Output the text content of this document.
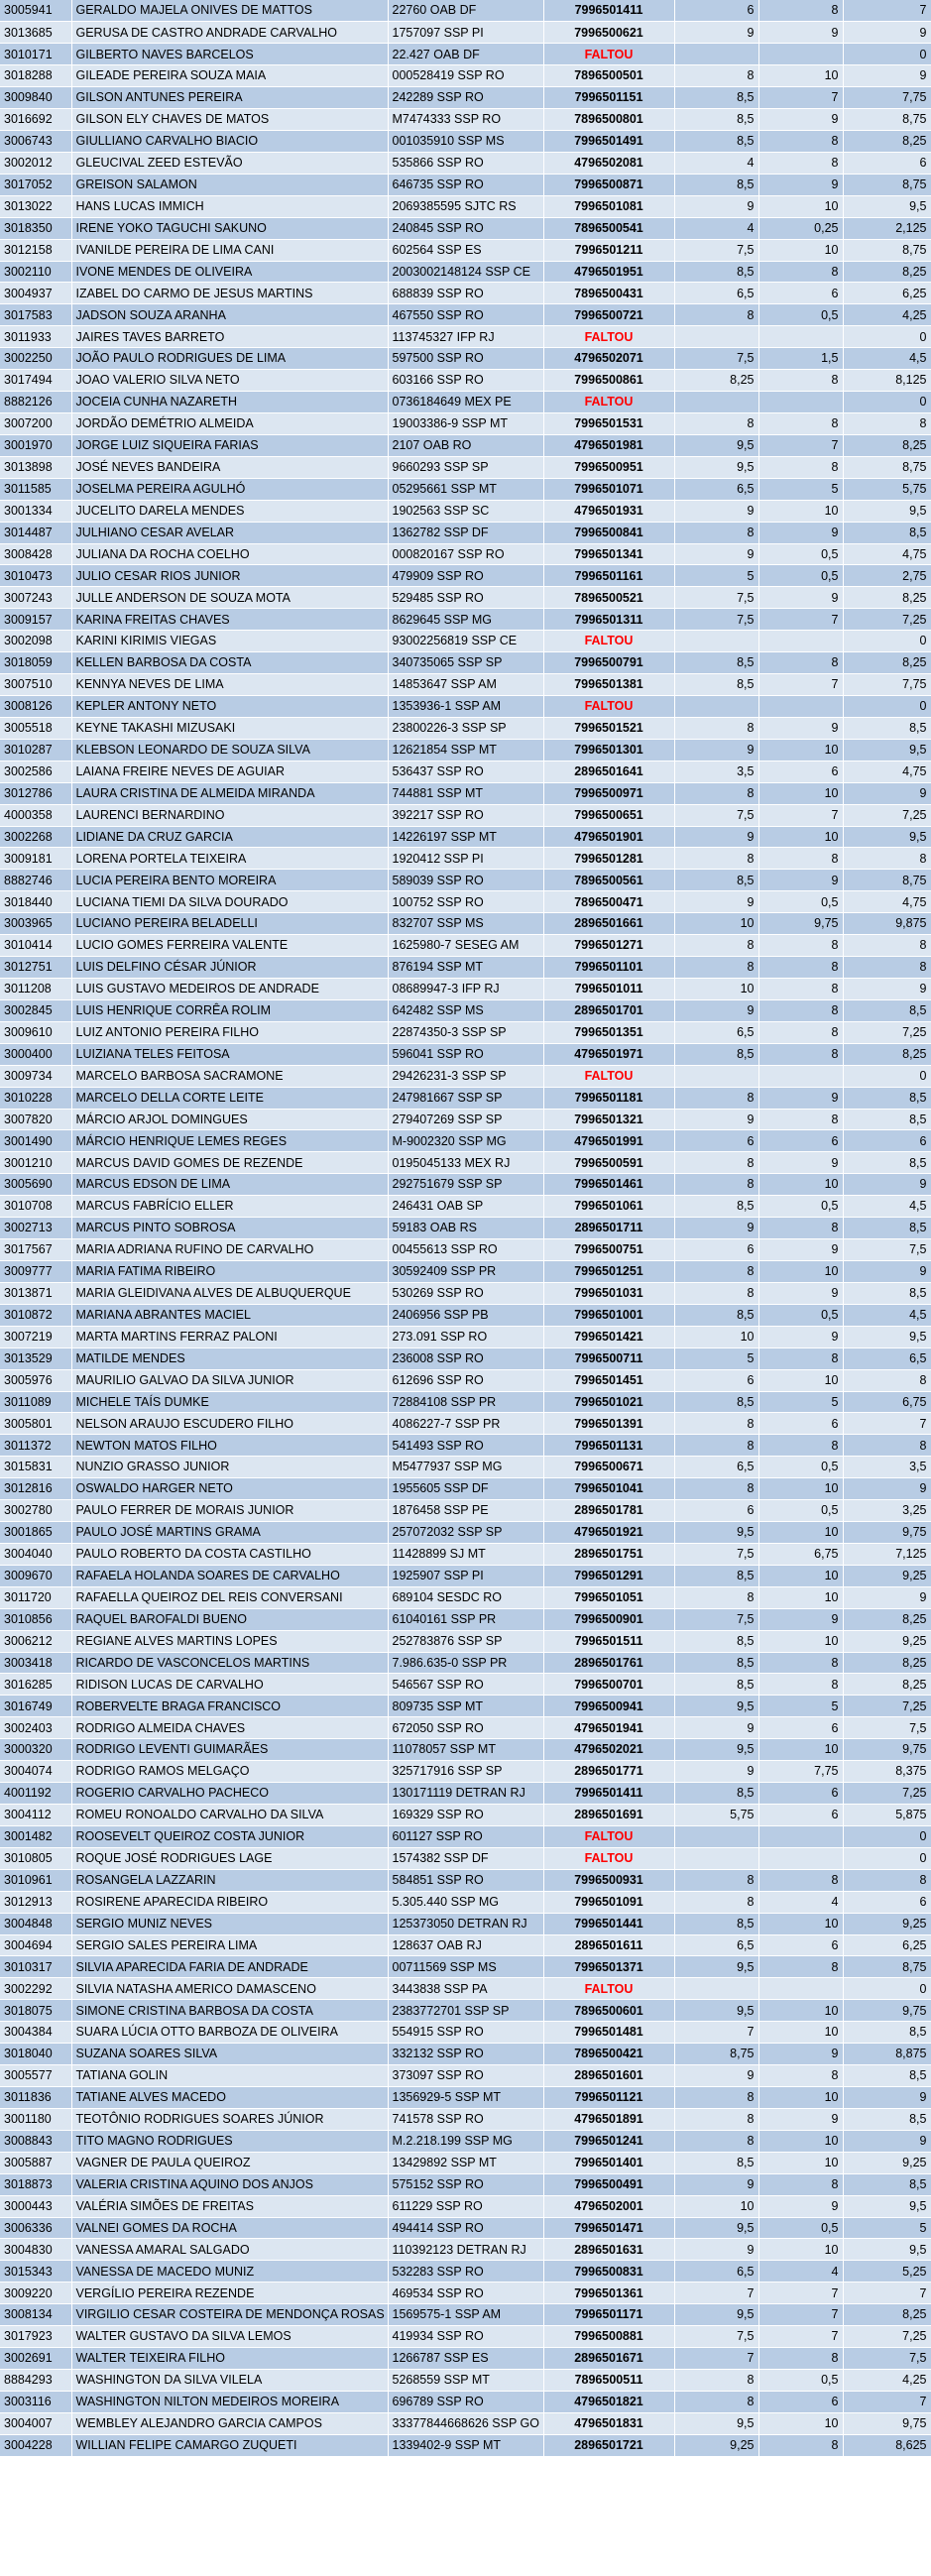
3005941	GERALDO MAJELA ONIVES DE MATTOS	22760 OAB DF	7996501411	6	8	7
3013685	GERUSA DE CASTRO ANDRADE CARVALHO	1757097 SSP PI	7996500621	9	9	9
3010171	GILBERTO NAVES BARCELOS	22.427 OAB DF	FALTOU			0
3018288	GILEADE PEREIRA SOUZA MAIA	000528419 SSP RO	7896500501	8	10	9
3009840	GILSON ANTUNES PEREIRA	242289 SSP RO	7996501151	8,5	7	7,75
3016692	GILSON ELY CHAVES DE MATOS	M7474333 SSP RO	7896500801	8,5	9	8,75
3006743	GIULLIANO CARVALHO BIACIO	001035910 SSP MS	7996501491	8,5	8	8,25
3002012	GLEUCIVAL ZEED ESTEVÃO	535866 SSP RO	4796502081	4	8	6
3017052	GREISON SALAMON	646735 SSP RO	7996500871	8,5	9	8,75
3013022	HANS LUCAS IMMICH	2069385595 SJTC RS	7996501081	9	10	9,5
3018350	IRENE YOKO TAGUCHI SAKUNO	240845 SSP RO	7896500541	4	0,25	2,125
3012158	IVANILDE PEREIRA DE LIMA CANI	602564 SSP ES	7996501211	7,5	10	8,75
3002110	IVONE MENDES DE OLIVEIRA	2003002148124 SSP CE	4796501951	8,5	8	8,25
3004937	IZABEL DO CARMO DE JESUS MARTINS	688839 SSP RO	7896500431	6,5	6	6,25
3017583	JADSON SOUZA ARANHA	467550 SSP RO	7996500721	8	0,5	4,25
3011933	JAIRES TAVES BARRETO	113745327 IFP RJ	FALTOU			0
3002250	JOÃO PAULO RODRIGUES DE LIMA	597500 SSP RO	4796502071	7,5	1,5	4,5
3017494	JOAO VALERIO SILVA NETO	603166 SSP RO	7996500861	8,25	8	8,125
8882126	JOCEIA CUNHA NAZARETH	0736184649 MEX PE	FALTOU			0
3007200	JORDÃO DEMÉTRIO ALMEIDA	19003386-9 SSP MT	7996501531	8	8	8
3001970	JORGE LUIZ SIQUEIRA FARIAS	2107 OAB RO	4796501981	9,5	7	8,25
3013898	JOSÉ NEVES BANDEIRA	9660293 SSP SP	7996500951	9,5	8	8,75
3011585	JOSELMA PEREIRA AGULHÓ	05295661 SSP MT	7996501071	6,5	5	5,75
3001334	JUCELITO DARELA MENDES	1902563 SSP SC	4796501931	9	10	9,5
3014487	JULHIANO CESAR AVELAR	1362782 SSP DF	7996500841	8	9	8,5
3008428	JULIANA DA ROCHA COELHO	000820167 SSP RO	7996501341	9	0,5	4,75
3010473	JULIO CESAR RIOS JUNIOR	479909 SSP RO	7996501161	5	0,5	2,75
3007243	JULLE ANDERSON DE SOUZA MOTA	529485 SSP RO	7896500521	7,5	9	8,25
3009157	KARINA FREITAS CHAVES	8629645 SSP MG	7996501311	7,5	7	7,25
3002098	KARINI KIRIMIS VIEGAS	93002256819 SSP CE	FALTOU			0
3018059	KELLEN BARBOSA DA COSTA	340735065 SSP SP	7996500791	8,5	8	8,25
3007510	KENNYA NEVES DE LIMA	14853647 SSP AM	7996501381	8,5	7	7,75
3008126	KEPLER ANTONY NETO	1353936-1 SSP AM	FALTOU			0
3005518	KEYNE TAKASHI MIZUSAKI	23800226-3 SSP SP	7996501521	8	9	8,5
3010287	KLEBSON LEONARDO DE SOUZA SILVA	12621854 SSP MT	7996501301	9	10	9,5
3002586	LAIANA FREIRE NEVES DE AGUIAR	536437 SSP RO	2896501641	3,5	6	4,75
3012786	LAURA CRISTINA DE ALMEIDA MIRANDA	744881 SSP MT	7996500971	8	10	9
4000358	LAURENCI BERNARDINO	392217 SSP RO	7996500651	7,5	7	7,25
3002268	LIDIANE DA CRUZ GARCIA	14226197 SSP MT	4796501901	9	10	9,5
3009181	LORENA PORTELA TEIXEIRA	1920412 SSP PI	7996501281	8	8	8
8882746	LUCIA PEREIRA BENTO MOREIRA	589039 SSP RO	7896500561	8,5	9	8,75
3018440	LUCIANA TIEMI DA SILVA DOURADO	100752 SSP RO	7896500471	9	0,5	4,75
3003965	LUCIANO PEREIRA BELADELLI	832707 SSP MS	2896501661	10	9,75	9,875
3010414	LUCIO GOMES FERREIRA VALENTE	1625980-7 SESEG AM	7996501271	8	8	8
3012751	LUIS DELFINO CÉSAR JÚNIOR	876194 SSP MT	7996501101	8	8	8
3011208	LUIS GUSTAVO MEDEIROS DE ANDRADE	08689947-3 IFP RJ	7996501011	10	8	9
3002845	LUIS HENRIQUE CORRÊA ROLIM	642482 SSP MS	2896501701	9	8	8,5
3009610	LUIZ ANTONIO PEREIRA FILHO	22874350-3 SSP SP	7996501351	6,5	8	7,25
3000400	LUIZIANA TELES FEITOSA	596041 SSP RO	4796501971	8,5	8	8,25
3009734	MARCELO BARBOSA SACRAMONE	29426231-3 SSP SP	FALTOU			0
3010228	MARCELO DELLA CORTE LEITE	247981667 SSP SP	7996501181	8	9	8,5
3007820	MÁRCIO ARJOL DOMINGUES	279407269 SSP SP	7996501321	9	8	8,5
3001490	MÁRCIO HENRIQUE LEMES REGES	M-9002320 SSP MG	4796501991	6	6	6
3001210	MARCUS DAVID GOMES DE REZENDE	0195045133 MEX RJ	7996500591	8	9	8,5
3005690	MARCUS EDSON DE LIMA	292751679 SSP SP	7996501461	8	10	9
3010708	MARCUS FABRÍCIO ELLER	246431 OAB SP	7996501061	8,5	0,5	4,5
3002713	MARCUS PINTO SOBROSA	59183 OAB RS	2896501711	9	8	8,5
3017567	MARIA ADRIANA RUFINO DE CARVALHO	00455613 SSP RO	7996500751	6	9	7,5
3009777	MARIA FATIMA RIBEIRO	30592409 SSP PR	7996501251	8	10	9
3013871	MARIA GLEIDIVANA ALVES DE ALBUQUERQUE	530269 SSP RO	7996501031	8	9	8,5
3010872	MARIANA ABRANTES MACIEL	2406956 SSP PB	7996501001	8,5	0,5	4,5
3007219	MARTA MARTINS FERRAZ PALONI	273.091 SSP RO	7996501421	10	9	9,5
3013529	MATILDE MENDES	236008 SSP RO	7996500711	5	8	6,5
3005976	MAURILIO GALVAO DA SILVA JUNIOR	612696 SSP RO	7996501451	6	10	8
3011089	MICHELE TAÍS DUMKE	72884108 SSP PR	7996501021	8,5	5	6,75
3005801	NELSON ARAUJO ESCUDERO FILHO	4086227-7 SSP PR	7996501391	8	6	7
3011372	NEWTON MATOS FILHO	541493 SSP RO	7996501131	8	8	8
3015831	NUNZIO GRASSO JUNIOR	M5477937 SSP MG	7996500671	6,5	0,5	3,5
3012816	OSWALDO HARGER NETO	1955605 SSP DF	7996501041	8	10	9
3002780	PAULO FERRER DE MORAIS JUNIOR	1876458 SSP PE	2896501781	6	0,5	3,25
3001865	PAULO JOSÉ MARTINS GRAMA	257072032 SSP SP	4796501921	9,5	10	9,75
3004040	PAULO ROBERTO DA COSTA CASTILHO	11428899 SJ MT	2896501751	7,5	6,75	7,125
3009670	RAFAELA HOLANDA SOARES DE CARVALHO	1925907 SSP PI	7996501291	8,5	10	9,25
3011720	RAFAELLA QUEIROZ DEL REIS CONVERSANI	689104 SESDC RO	7996501051	8	10	9
3010856	RAQUEL BAROFALDI BUENO	61040161 SSP PR	7996500901	7,5	9	8,25
3006212	REGIANE ALVES MARTINS LOPES	252783876 SSP SP	7996501511	8,5	10	9,25
3003418	RICARDO DE VASCONCELOS MARTINS	7.986.635-0 SSP PR	2896501761	8,5	8	8,25
3016285	RIDISON LUCAS DE CARVALHO	546567 SSP RO	7996500701	8,5	8	8,25
3016749	ROBERVELTE BRAGA FRANCISCO	809735 SSP MT	7996500941	9,5	5	7,25
3002403	RODRIGO ALMEIDA CHAVES	672050 SSP RO	4796501941	9	6	7,5
3000320	RODRIGO LEVENTI GUIMARÃES	11078057 SSP MT	4796502021	9,5	10	9,75
3004074	RODRIGO RAMOS MELGAÇO	325717916 SSP SP	2896501771	9	7,75	8,375
4001192	ROGERIO CARVALHO PACHECO	130171119 DETRAN RJ	7996501411	8,5	6	7,25
3004112	ROMEU RONOALDO CARVALHO DA SILVA	169329 SSP RO	2896501691	5,75	6	5,875
3001482	ROOSEVELT QUEIROZ COSTA JUNIOR	601127 SSP RO	FALTOU			0
3010805	ROQUE JOSÉ RODRIGUES LAGE	1574382 SSP DF	FALTOU			0
3010961	ROSANGELA LAZZARIN	584851 SSP RO	7996500931	8	8	8
3012913	ROSIRENE APARECIDA RIBEIRO	5.305.440 SSP MG	7996501091	8	4	6
3004848	SERGIO MUNIZ NEVES	125373050 DETRAN RJ	7996501441	8,5	10	9,25
3004694	SERGIO SALES PEREIRA LIMA	128637 OAB RJ	2896501611	6,5	6	6,25
3010317	SILVIA APARECIDA FARIA DE ANDRADE	00711569 SSP MS	7996501371	9,5	8	8,75
3002292	SILVIA NATASHA AMERICO DAMASCENO	3443838 SSP PA	FALTOU			0
3018075	SIMONE CRISTINA BARBOSA DA COSTA	2383772701 SSP SP	7896500601	9,5	10	9,75
3004384	SUARA LÚCIA OTTO BARBOZA DE OLIVEIRA	554915 SSP RO	7996501481	7	10	8,5
3018040	SUZANA SOARES SILVA	332132 SSP RO	7896500421	8,75	9	8,875
3005577	TATIANA GOLIN	373097 SSP RO	2896501601	9	8	8,5
3011836	TATIANE ALVES MACEDO	1356929-5 SSP MT	7996501121	8	10	9
3001180	TEOTÔNIO RODRIGUES SOARES JÚNIOR	741578 SSP RO	4796501891	8	9	8,5
3008843	TITO MAGNO RODRIGUES	M.2.218.199 SSP MG	7996501241	8	10	9
3005887	VAGNER DE PAULA QUEIROZ	13429892 SSP MT	7996501401	8,5	10	9,25
3018873	VALERIA CRISTINA AQUINO DOS ANJOS	575152 SSP RO	7996500491	9	8	8,5
3000443	VALÉRIA SIMÕES DE FREITAS	611229 SSP RO	4796502001	10	9	9,5
3006336	VALNEI GOMES DA ROCHA	494414 SSP RO	7996501471	9,5	0,5	5
3004830	VANESSA AMARAL SALGADO	110392123 DETRAN RJ	2896501631	9	10	9,5
3015343	VANESSA DE MACEDO MUNIZ	532283 SSP RO	7996500831	6,5	4	5,25
3009220	VERGÍLIO PEREIRA REZENDE	469534 SSP RO	7996501361	7	7	7
3008134	VIRGILIO CESAR COSTEIRA DE MENDONÇA ROSAS	1569575-1 SSP AM	7996501171	9,5	7	8,25
3017923	WALTER GUSTAVO DA SILVA LEMOS	419934 SSP RO	7996500881	7,5	7	7,25
3002691	WALTER TEIXEIRA FILHO	1266787 SSP ES	2896501671	7	8	7,5
8884293	WASHINGTON DA SILVA VILELA	5268559 SSP MT	7896500511	8	0,5	4,25
3003116	WASHINGTON NILTON MEDEIROS MOREIRA	696789 SSP RO	4796501821	8	6	7
3004007	WEMBLEY ALEJANDRO GARCIA CAMPOS	33377844668626 SSP GO	4796501831	9,5	10	9,75
3004228	WILLIAN FELIPE CAMARGO ZUQUETI	1339402-9 SSP MT	2896501721	9,25	8	8,625
